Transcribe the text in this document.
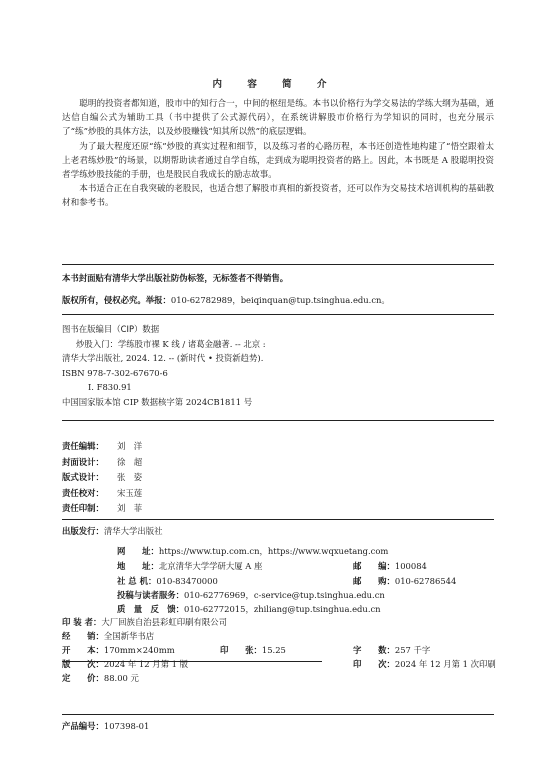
内 容 简 介

聪明的投资者都知道，股市中的知行合一，中间的枢纽是练。本书以价格行为学交易法的学练大纲为基础，通达信自编公式为辅助工具（书中提供了公式源代码），在系统讲解股市价格行为学知识的同时，也充分展示了“练”炒股的具体方法，以及炒股赚钱“知其所以然”的底层逻辑。

为了最大程度还原“练”炒股的真实过程和细节，以及练习者的心路历程，本书还创造性地构建了“悟空跟着太上老君练炒股”的场景，以期帮助读者通过自学自练，走到成为聪明投资者的路上。因此，本书既是 A 股聪明投资者学练炒股技能的手册，也是股民自我成长的励志故事。

本书适合正在自我突破的老股民，也适合想了解股市真相的新投资者，还可以作为交易技术培训机构的基础教材和参考书。

本书封面贴有清华大学出版社防伪标签，无标签者不得销售。
版权所有，侵权必究。举报：010-62782989，beiqinquan@tup.tsinghua.edu.cn。
图书在版编目（CIP）数据
炒股入门：学练股市裸 K 线 / 诸葛金融著. -- 北京 :
清华大学出版社, 2024. 12. -- (新时代 • 投资新趋势).
ISBN 978-7-302-67670-6
Ⅰ. F830.91
中国国家版本馆 CIP 数据核字第 2024CB1811 号
责任编辑：	刘　洋
封面设计：	徐　超
版式设计：	张　姿
责任校对：	宋玉莲
责任印制：	刘　菲
出版发行：清华大学出版社
网　　址：https://www.tup.com.cn，https://www.wqxuetang.com
地　　址：北京清华大学学研大厦 A 座	邮　　编：100084
社 总 机：010-83470000	邮　　购：010-62786544
投稿与读者服务：010-62776969，c-service@tup.tsinghua.edu.cn
质　量　反　馈：010-62772015，zhiliang@tup.tsinghua.edu.cn
印 装 者：大厂回族自治县彩虹印刷有限公司
经　　销：全国新华书店
开　　本：170mm×240mm	印　　张：15.25	字　　数：257 千字
版　　次：2024 年 12 月第 1 版	印　　次：2024 年 12 月第 1 次印刷
定　　价：88.00 元
产品编号：107398-01
